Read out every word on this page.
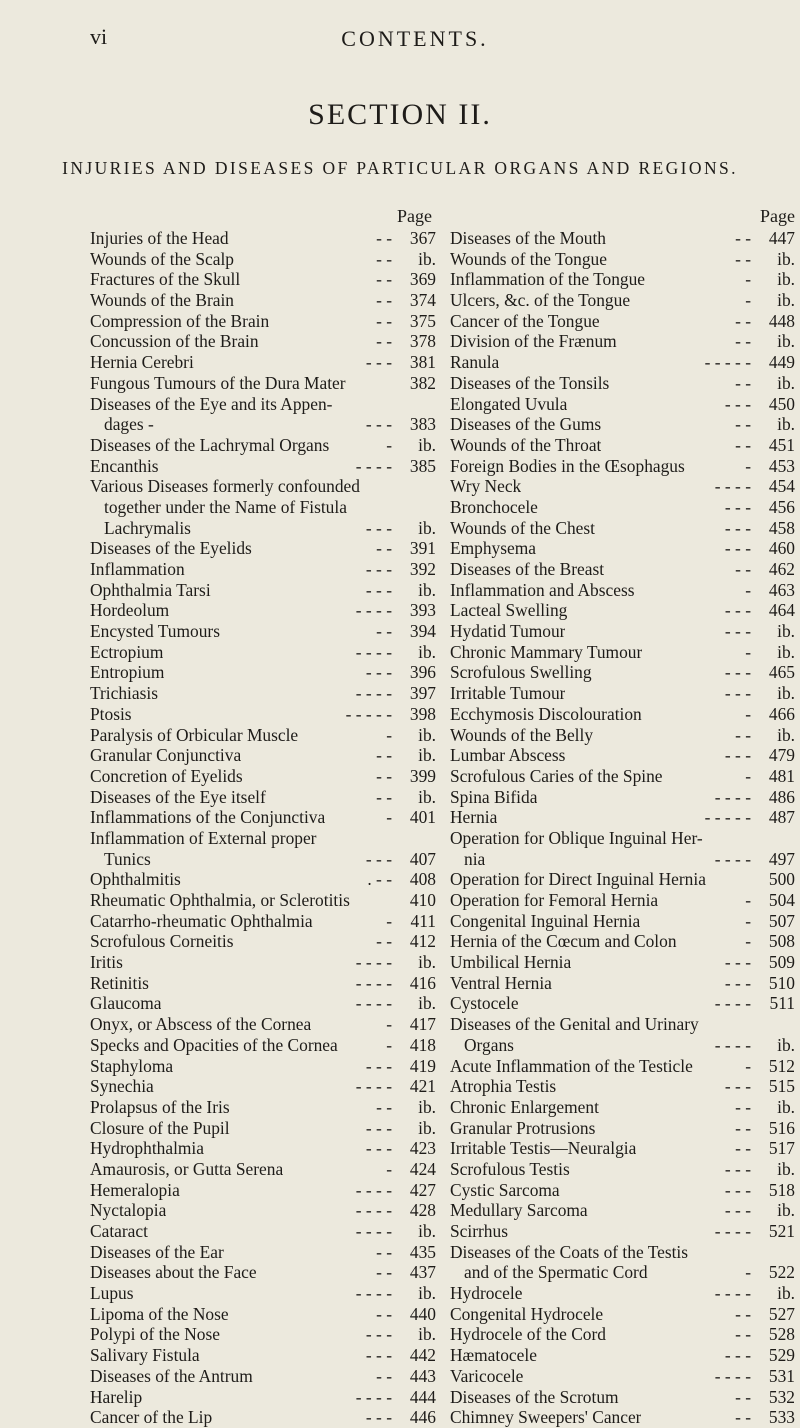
vi	CONTENTS.
SECTION II.
INJURIES AND DISEASES OF PARTICULAR ORGANS AND REGIONS.
Page
Injuries of the Head	- -	367
Wounds of the Scalp	- -	ib.
Fractures of the Skull	- -	369
Wounds of the Brain	- -	374
Compression of the Brain	- -	375
Concussion of the Brain	- -	378
Hernia Cerebri	- - -	381
Fungous Tumours of the Dura Mater	382
Diseases of the Eye and its Appen-
dages -	- - -	383
Diseases of the Lachrymal Organs	-	ib.
Encanthis	- - - -	385
Various Diseases formerly confounded
together under the Name of Fistula
Lachrymalis	- - -	ib.
Diseases of the Eyelids	- -	391
Inflammation	- - -	392
Ophthalmia Tarsi	- - -	ib.
Hordeolum	- - - -	393
Encysted Tumours	- -	394
Ectropium	- - - -	ib.
Entropium	- - -	396
Trichiasis	- - - -	397
Ptosis	- - - - -	398
Paralysis of Orbicular Muscle	-	ib.
Granular Conjunctiva	- -	ib.
Concretion of Eyelids	- -	399
Diseases of the Eye itself	- -	ib.
Inflammations of the Conjunctiva	-	401
Inflammation of External proper
Tunics	- - -	407
Ophthalmitis	. - -	408
Rheumatic Ophthalmia, or Sclerotitis	410
Catarrho-rheumatic Ophthalmia	-	411
Scrofulous Corneitis	- -	412
Iritis	- - - -	ib.
Retinitis	- - - -	416
Glaucoma	- - - -	ib.
Onyx, or Abscess of the Cornea	-	417
Specks and Opacities of the Cornea	-	418
Staphyloma	- - -	419
Synechia	- - - -	421
Prolapsus of the Iris	- -	ib.
Closure of the Pupil	- - -	ib.
Hydrophthalmia	- - -	423
Amaurosis, or Gutta Serena	-	424
Hemeralopia	- - - -	427
Nyctalopia	- - - -	428
Cataract	- - - -	ib.
Diseases of the Ear	- -	435
Diseases about the Face	- -	437
Lupus	- - - -	ib.
Lipoma of the Nose	- -	440
Polypi of the Nose	- - -	ib.
Salivary Fistula	- - -	442
Diseases of the Antrum	- -	443
Harelip	- - - -	444
Cancer of the Lip	- - -	446
Page
Diseases of the Mouth	- -	447
Wounds of the Tongue	- -	ib.
Inflammation of the Tongue	-	ib.
Ulcers, &c. of the Tongue	-	ib.
Cancer of the Tongue	- -	448
Division of the Frænum	- -	ib.
Ranula	- - - - -	449
Diseases of the Tonsils	- -	ib.
Elongated Uvula	- - -	450
Diseases of the Gums	- -	ib.
Wounds of the Throat	- -	451
Foreign Bodies in the Œsophagus	-	453
Wry Neck	- - - -	454
Bronchocele	- - -	456
Wounds of the Chest	- - -	458
Emphysema	- - -	460
Diseases of the Breast	- -	462
Inflammation and Abscess	-	463
Lacteal Swelling	- - -	464
Hydatid Tumour	- - -	ib.
Chronic Mammary Tumour	-	ib.
Scrofulous Swelling	- - -	465
Irritable Tumour	- - -	ib.
Ecchymosis Discolouration	-	466
Wounds of the Belly	- -	ib.
Lumbar Abscess	- - -	479
Scrofulous Caries of the Spine	-	481
Spina Bifida	- - - -	486
Hernia	- - - - -	487
Operation for Oblique Inguinal Her-
nia	- - - -	497
Operation for Direct Inguinal Hernia	500
Operation for Femoral Hernia	-	504
Congenital Inguinal Hernia	-	507
Hernia of the Cœcum and Colon	-	508
Umbilical Hernia	- - -	509
Ventral Hernia	- - -	510
Cystocele	- - - -	511
Diseases of the Genital and Urinary
Organs	- - - -	ib.
Acute Inflammation of the Testicle	-	512
Atrophia Testis	- - -	515
Chronic Enlargement	- -	ib.
Granular Protrusions	- -	516
Irritable Testis—Neuralgia	- -	517
Scrofulous Testis	- - -	ib.
Cystic Sarcoma	- - -	518
Medullary Sarcoma	- - -	ib.
Scirrhus	- - - -	521
Diseases of the Coats of the Testis
and of the Spermatic Cord	-	522
Hydrocele	- - - -	ib.
Congenital Hydrocele	- -	527
Hydrocele of the Cord	- -	528
Hæmatocele	- - -	529
Varicocele	- - - -	531
Diseases of the Scrotum	- -	532
Chimney Sweepers' Cancer	- -	533
